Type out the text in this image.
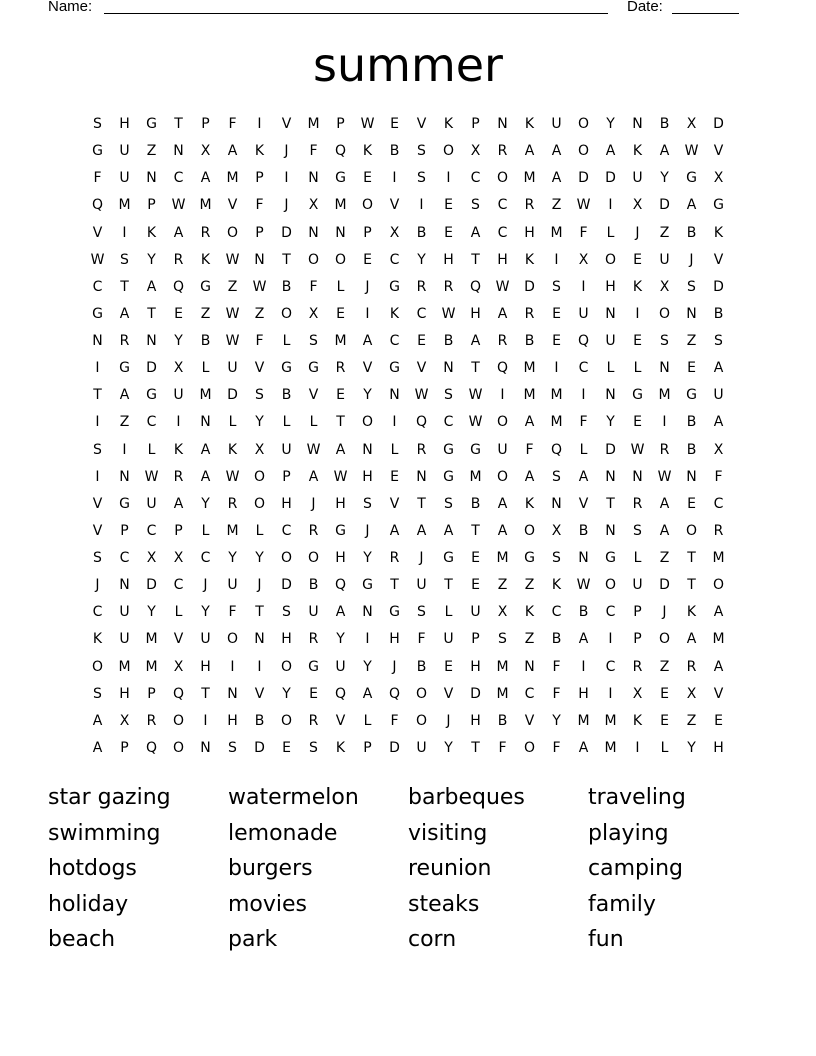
Name:	Date:
summer
S	H	G	T	P	F	I	V	M	P	W	E	V	K	P	N	K	U	O	Y	N	B	X	D
G	U	Z	N	X	A	K	J	F	Q	K	B	S	O	X	R	A	A	O	A	K	A	W	V
F	U	N	C	A	M	P	I	N	G	E	I	S	I	C	O	M	A	D	D	U	Y	G	X
Q	M	P	W	M	V	F	J	X	M	O	V	I	E	S	C	R	Z	W	I	X	D	A	G
V	I	K	A	R	O	P	D	N	N	P	X	B	E	A	C	H	M	F	L	J	Z	B	K
W	S	Y	R	K	W	N	T	O	O	E	C	Y	H	T	H	K	I	X	O	E	U	J	V
C	T	A	Q	G	Z	W	B	F	L	J	G	R	R	Q	W	D	S	I	H	K	X	S	D
G	A	T	E	Z	W	Z	O	X	E	I	K	C	W	H	A	R	E	U	N	I	O	N	B
N	R	N	Y	B	W	F	L	S	M	A	C	E	B	A	R	B	E	Q	U	E	S	Z	S
I	G	D	X	L	U	V	G	G	R	V	G	V	N	T	Q	M	I	C	L	L	N	E	A
T	A	G	U	M	D	S	B	V	E	Y	N	W	S	W	I	M	M	I	N	G	M	G	U
I	Z	C	I	N	L	Y	L	L	T	O	I	Q	C	W	O	A	M	F	Y	E	I	B	A
S	I	L	K	A	K	X	U	W	A	N	L	R	G	G	U	F	Q	L	D	W	R	B	X
I	N	W	R	A	W	O	P	A	W	H	E	N	G	M	O	A	S	A	N	N	W	N	F
V	G	U	A	Y	R	O	H	J	H	S	V	T	S	B	A	K	N	V	T	R	A	E	C
V	P	C	P	L	M	L	C	R	G	J	A	A	A	T	A	O	X	B	N	S	A	O	R
S	C	X	X	C	Y	Y	O	O	H	Y	R	J	G	E	M	G	S	N	G	L	Z	T	M
J	N	D	C	J	U	J	D	B	Q	G	T	U	T	E	Z	Z	K	W	O	U	D	T	O
C	U	Y	L	Y	F	T	S	U	A	N	G	S	L	U	X	K	C	B	C	P	J	K	A
K	U	M	V	U	O	N	H	R	Y	I	H	F	U	P	S	Z	B	A	I	P	O	A	M
O	M	M	X	H	I	I	O	G	U	Y	J	B	E	H	M	N	F	I	C	R	Z	R	A
S	H	P	Q	T	N	V	Y	E	Q	A	Q	O	V	D	M	C	F	H	I	X	E	X	V
A	X	R	O	I	H	B	O	R	V	L	F	O	J	H	B	V	Y	M	M	K	E	Z	E
A	P	Q	O	N	S	D	E	S	K	P	D	U	Y	T	F	O	F	A	M	I	L	Y	H
star gazing
swimming
hotdogs
holiday
beach
watermelon
lemonade
burgers
movies
park
barbeques
visiting
reunion
steaks
corn
traveling
playing
camping
family
fun
